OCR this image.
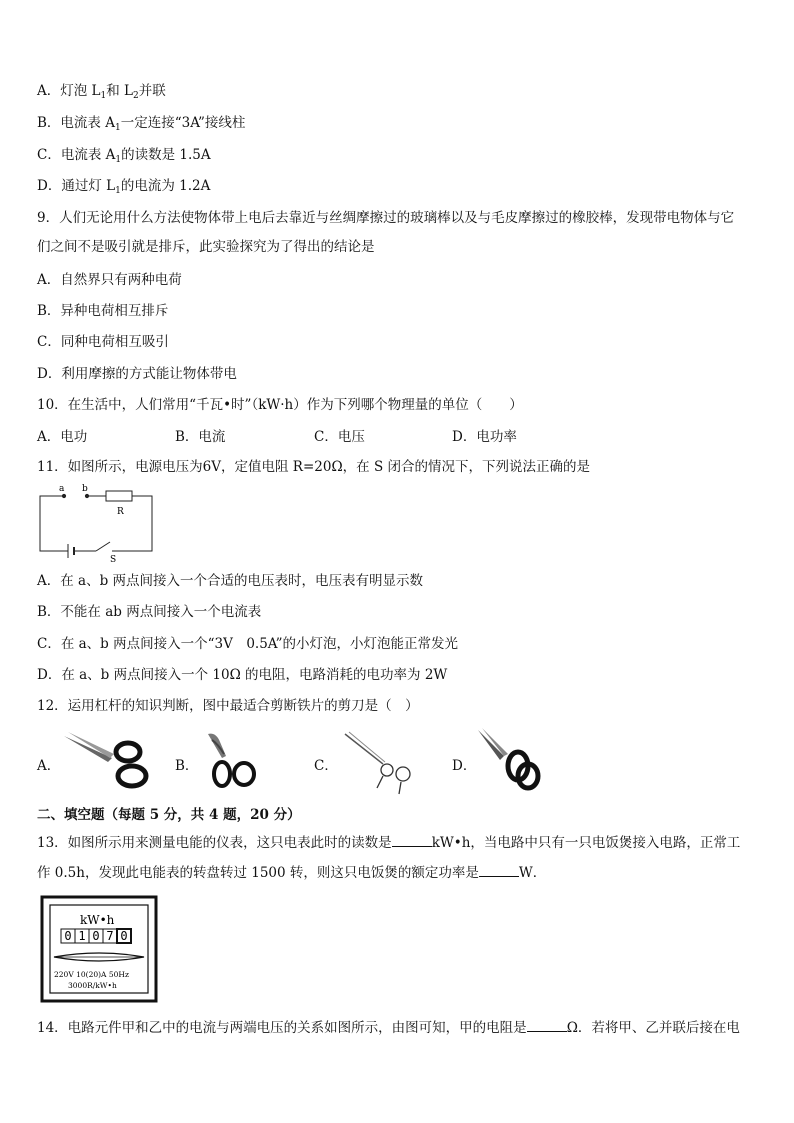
A．灯泡 $L_1$和 $L_2$并联
B．电流表 $A_1$一定连接“3A”接线柱
C．电流表 $A_1$的读数是 1.5A
D．通过灯 $L_1$的电流为 1.2A
9．人们无论用什么方法使物体带上电后去靠近与丝绸摩擦过的玻璃棒以及与毛皮摩擦过的橡胶棒，发现带电物体与它
们之间不是吸引就是排斥，此实验探究为了得出的结论是
A．自然界只有两种电荷
B．异种电荷相互排斥
C．同种电荷相互吸引
D．利用摩擦的方式能让物体带电
10．在生活中，人们常用“千瓦•时”（kW·h）作为下列哪个物理量的单位（　　）
A．电功	B．电流	C．电压	D．电功率
11．如图所示，电源电压为6V，定值电阻 R=20Ω，在 S 闭合的情况下，下列说法正确的是
a b
R
S
A．在 a、b 两点间接入一个合适的电压表时，电压表有明显示数
B．不能在 ab 两点间接入一个电流表
C．在 a、b 两点间接入一个“3V　0.5A”的小灯泡，小灯泡能正常发光
D．在 a、b 两点间接入一个 10Ω 的电阻，电路消耗的电功率为 2W
12．运用杠杆的知识判断，图中最适合剪断铁片的剪刀是（　）
A．	B．	C．	D．
二、填空题（每题 5 分，共 4 题，20 分）
13．如图所示用来测量电能的仪表，这只电表此时的读数是	kW•h，当电路中只有一只电饭煲接入电路，正常工
作 0.5h，发现此电能表的转盘转过 1500 转，则这只电饭煲的额定功率是	W．
kW•h
0 1 0 7 0
220V 10(20)A 50Hz
3000R/kW•h
14．电路元件甲和乙中的电流与两端电压的关系如图所示，由图可知，甲的电阻是	Ω．若将甲、乙并联后接在电
